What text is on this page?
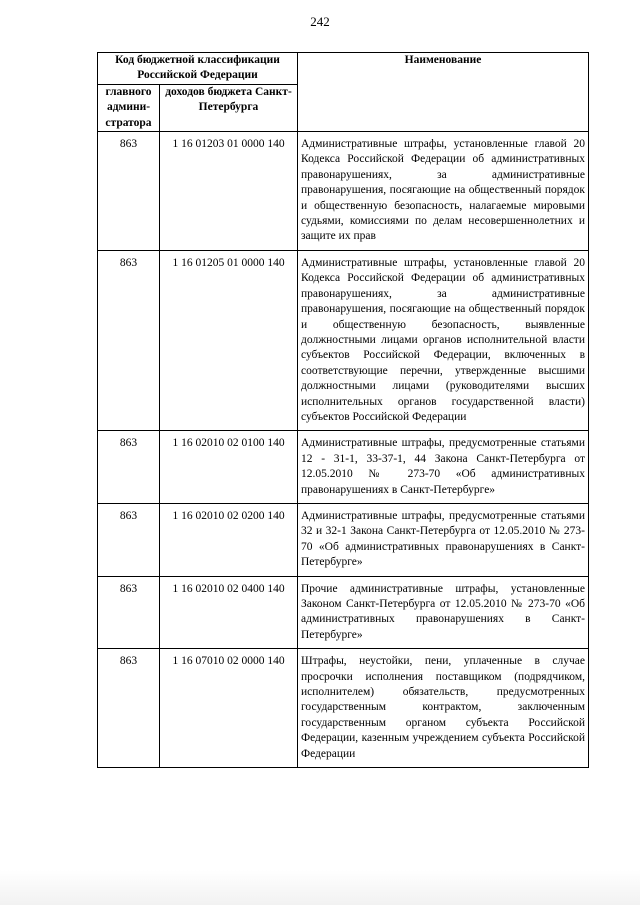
242
Код бюджетной классификации Российской Федерации		Наименование
главного админи-стратора	доходов бюджета Санкт-Петербурга	
863	1 16 01203 01 0000 140	Административные штрафы, установленные главой 20 Кодекса Российской Федерации об административных правонарушениях, за административные правонарушения, посягающие на общественный порядок и общественную безопасность, налагаемые мировыми судьями, комиссиями по делам несовершеннолетних и защите их прав
863	1 16 01205 01 0000 140	Административные штрафы, установленные главой 20 Кодекса Российской Федерации об административных правонарушениях, за административные правонарушения, посягающие на общественный порядок и общественную безопасность, выявленные должностными лицами органов исполнительной власти субъектов Российской Федерации, включенных в соответствующие перечни, утвержденные высшими должностными лицами (руководителями высших исполнительных органов государственной власти) субъектов Российской Федерации
863	1 16 02010 02 0100 140	Административные штрафы, предусмотренные статьями 12 - 31-1, 33-37-1, 44 Закона Санкт-Петербурга от 12.05.2010 № 273-70 «Об административных правонарушениях в Санкт-Петербурге»
863	1 16 02010 02 0200 140	Административные штрафы, предусмотренные статьями 32 и 32-1 Закона Санкт-Петербурга от 12.05.2010 № 273-70 «Об административных правонарушениях в Санкт-Петербурге»
863	1 16 02010 02 0400 140	Прочие административные штрафы, установленные Законом Санкт-Петербурга от 12.05.2010 № 273-70 «Об административных правонарушениях в Санкт-Петербурге»
863	1 16 07010 02 0000 140	Штрафы, неустойки, пени, уплаченные в случае просрочки исполнения поставщиком (подрядчиком, исполнителем) обязательств, предусмотренных государственным контрактом, заключенным государственным органом субъекта Российской Федерации, казенным учреждением субъекта Российской Федерации
